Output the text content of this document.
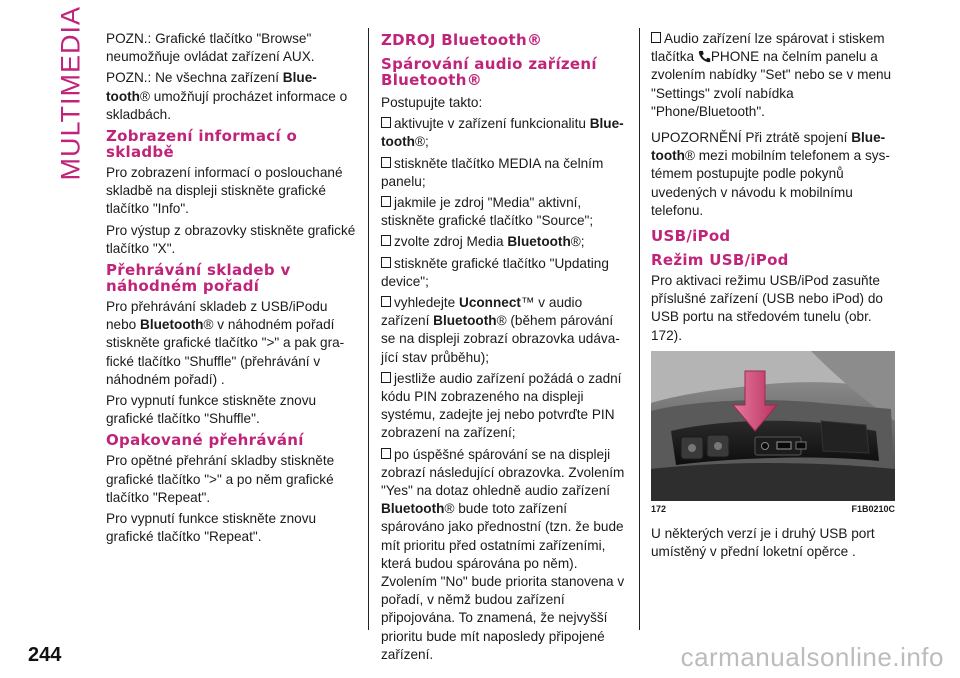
MULTIMEDIA POZN.: Grafické tlačítko "Browse" neumožňuje ovládat zařízení AUX.

POZN.: Ne všechna zařízení Blue-tooth® umožňují procházet informace o skladbách.

Zobrazení informací o skladbě

Pro zobrazení informací o poslouchané skladbě na displeji stiskněte grafické tlačítko "Info".

Pro výstup z obrazovky stiskněte grafické tlačítko "X".

Přehrávání skladeb v náhodném pořadí

Pro přehrávání skladeb z USB/iPodu nebo Bluetooth® v náhodném pořadí stiskněte grafické tlačítko ">" a pak gra-fické tlačítko "Shuffle" (přehrávání v náhodném pořadí) .

Pro vypnutí funkce stiskněte znovu grafické tlačítko "Shuffle".

Opakované přehrávání

Pro opětné přehrání skladby stiskněte grafické tlačítko ">" a po něm grafické tlačítko "Repeat".

Pro vypnutí funkce stiskněte znovu grafické tlačítko "Repeat".

ZDROJ Bluetooth®
Spárování audio zařízení Bluetooth®

Postupujte takto:

aktivujte v zařízení funkcionalitu Blue-tooth®;

stiskněte tlačítko MEDIA na čelním panelu;

jakmile je zdroj "Media" aktivní, stiskněte grafické tlačítko "Source";

zvolte zdroj Media Bluetooth®;

stiskněte grafické tlačítko "Updating device";

vyhledejte Uconnect™ v audio zařízení Bluetooth® (během párování se na displeji zobrazí obrazovka udáva-jící stav průběhu);

jestliže audio zařízení požádá o zadní kódu PIN zobrazeného na displeji systému, zadejte jej nebo potvrďte PIN zobrazení na zařízení;

po úspěšné spárování se na displeji zobrazí následující obrazovka. Zvolením "Yes" na dotaz ohledně audio zařízení Bluetooth® bude toto zařízení spárováno jako přednostní (tzn. že bude mít prioritu před ostatními zařízeními, která budou spárována po něm). Zvolením "No" bude priorita stanovena v pořadí, v němž budou zařízení připojována. To znamená, že nejvyšší prioritu bude mít naposledy připojené zařízení.

Audio zařízení lze spárovat i stiskem tlačítka PHONE na čelním panelu a zvolením nabídky "Set" nebo se v menu "Settings" zvolí nabídka "Phone/Bluetooth".

UPOZORNĚNÍ Při ztrátě spojení Blue-tooth® mezi mobilním telefonem a sys-témem postupujte podle pokynů uvedených v návodu k mobilnímu telefonu.

USB/iPod
Režim USB/iPod

Pro aktivaci režimu USB/iPod zasuňte příslušné zařízení (USB nebo iPod) do USB portu na středovém tunelu (obr. 172).

172	F1B0210C

U některých verzí je i druhý USB port umístěný v přední loketní opěrce .

244	carmanualsonline.info
